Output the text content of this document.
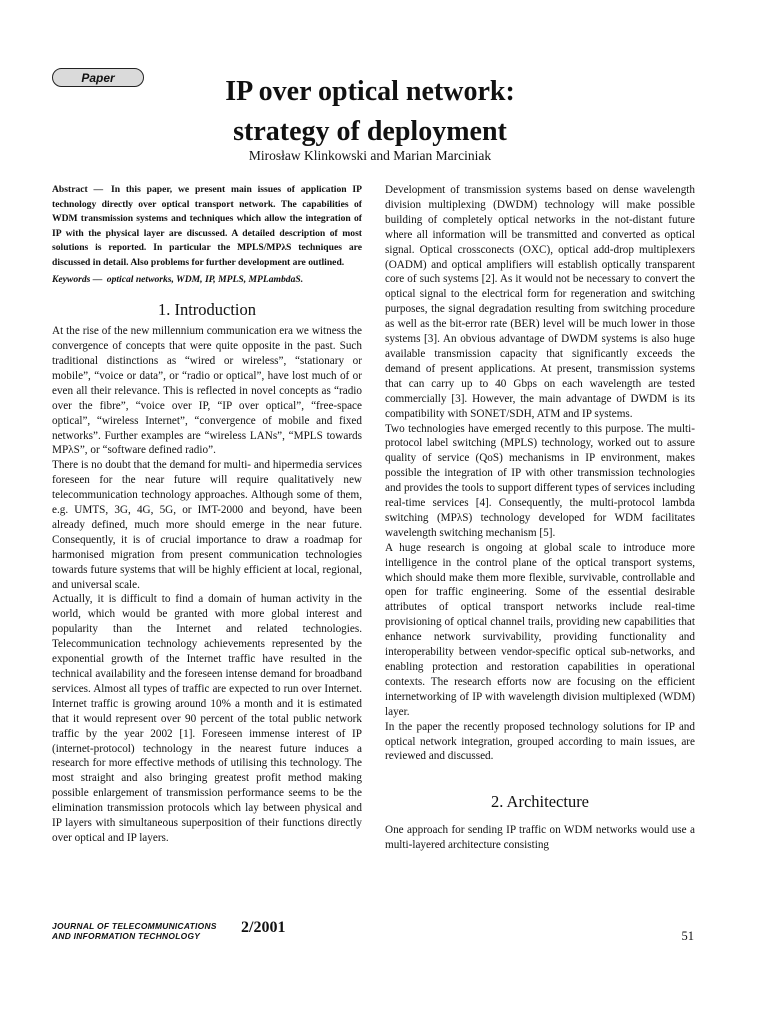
Paper	IP over optical network:
strategy of deployment
Mirosław Klinkowski and Marian Marciniak

Abstract — In this paper, we present main issues of application IP technology directly over optical transport network. The capabilities of WDM transmission systems and techniques which allow the integration of IP with the physical layer are discussed. A detailed description of most solutions is reported. In particular the MPLS/MPλS techniques are discussed in detail. Also problems for further development are outlined.

Keywords — optical networks, WDM, IP, MPLS, MPLambdaS.

1. Introduction

At the rise of the new millennium communication era we witness the convergence of concepts that were quite opposite in the past. Such traditional distinctions as “wired or wireless”, “stationary or mobile”, “voice or data”, or “radio or optical”, have lost much of or even all their relevance. This is reflected in novel concepts as “radio over the fibre”, “voice over IP, “IP over optical”, “free-space optical”, “wireless Internet”, “convergence of mobile and fixed networks”. Further examples are “wireless LANs”, “MPLS towards MPλS”, or “software defined radio”.

There is no doubt that the demand for multi- and hipermedia services foreseen for the near future will require qualitatively new telecommunication technology approaches. Although some of them, e.g. UMTS, 3G, 4G, 5G, or IMT-2000 and beyond, have been already defined, much more should emerge in the near future. Consequently, it is of crucial importance to draw a roadmap for harmonised migration from present communication technologies towards future systems that will be highly efficient at local, regional, and universal scale.

Actually, it is difficult to find a domain of human activity in the world, which would be granted with more global interest and popularity than the Internet and related technologies. Telecommunication technology achievements represented by the exponential growth of the Internet traffic have resulted in the technical availability and the foreseen intense demand for broadband services. Almost all types of traffic are expected to run over Internet. Internet traffic is growing around 10% a month and it is estimated that it would represent over 90 percent of the total public network traffic by the year 2002 [1]. Foreseen immense interest of IP (internet-protocol) technology in the nearest future induces a research for more effective methods of utilising this technology. The most straight and also bringing greatest profit method making possible enlargement of transmission performance seems to be the elimination transmission protocols which lay between physical and IP layers with simultaneous superposition of their functions directly over optical and IP layers.

Development of transmission systems based on dense wavelength division multiplexing (DWDM) technology will make possible building of completely optical networks in the not-distant future where all information will be transmitted and converted as optical signal. Optical crossconects (OXC), optical add-drop multiplexers (OADM) and optical amplifiers will establish optically transparent core of such systems [2]. As it would not be necessary to convert the optical signal to the electrical form for regeneration and switching purposes, the signal degradation resulting from switching procedure as well as the bit-error rate (BER) level will be much lower in those systems [3]. An obvious advantage of DWDM systems is also huge available transmission capacity that significantly exceeds the demand of present applications. At present, transmission systems that can carry up to 40 Gbps on each wavelength are tested commercially [3]. However, the main advantage of DWDM is its compatibility with SONET/SDH, ATM and IP systems.

Two technologies have emerged recently to this purpose. The multi-protocol label switching (MPLS) technology, worked out to assure quality of service (QoS) mechanisms in IP environment, makes possible the integration of IP with other transmission technologies and provides the tools to support different types of services including real-time services [4]. Consequently, the multi-protocol lambda switching (MPλS) technology developed for WDM facilitates wavelength switching mechanism [5].

A huge research is ongoing at global scale to introduce more intelligence in the control plane of the optical transport systems, which should make them more flexible, survivable, controllable and open for traffic engineering. Some of the essential desirable attributes of optical transport networks include real-time provisioning of optical channel trails, providing new capabilities that enhance network survivability, providing functionality and interoperability between vendor-specific optical sub-networks, and enabling protection and restoration capabilities in operational contexts. The research efforts now are focusing on the efficient internetworking of IP with wavelength division multiplexed (WDM) layer.

In the paper the recently proposed technology solutions for IP and optical network integration, grouped according to main issues, are reviewed and discussed.

2. Architecture

One approach for sending IP traffic on WDM networks would use a multi-layered architecture consisting

JOURNAL OF TELECOMMUNICATIONS
AND INFORMATION TECHNOLOGY	2/2001	51
